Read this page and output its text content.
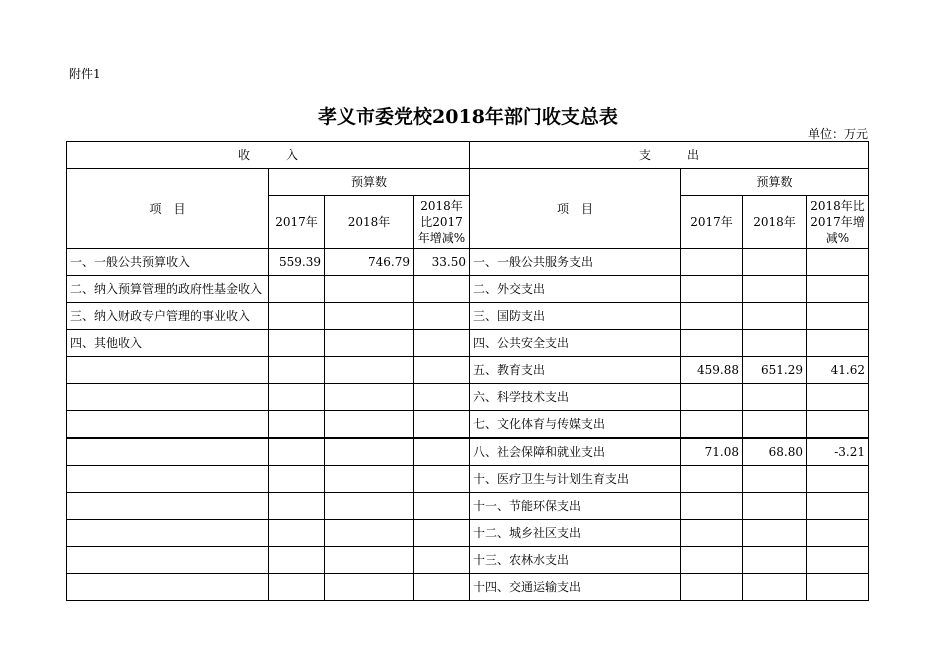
附件1
孝义市委党校2018年部门收支总表
单位：万元
收　　　入				支　　　出			
项　目	预算数			项　目	预算数		
	2017年	2018年	2018年比2017年增减%		2017年	2018年	2018年比2017年增减%
一、一般公共预算收入	559.39	746.79	33.50	一、一般公共服务支出			
二、纳入预算管理的政府性基金收入				二、外交支出			
三、纳入财政专户管理的事业收入				三、国防支出			
四、其他收入				四、公共安全支出			
				五、教育支出	459.88	651.29	41.62
				六、科学技术支出			
				七、文化体育与传媒支出			
				八、社会保障和就业支出	71.08	68.80	-3.21
				十、医疗卫生与计划生育支出			
				十一、节能环保支出			
				十二、城乡社区支出			
				十三、农林水支出			
				十四、交通运输支出			
